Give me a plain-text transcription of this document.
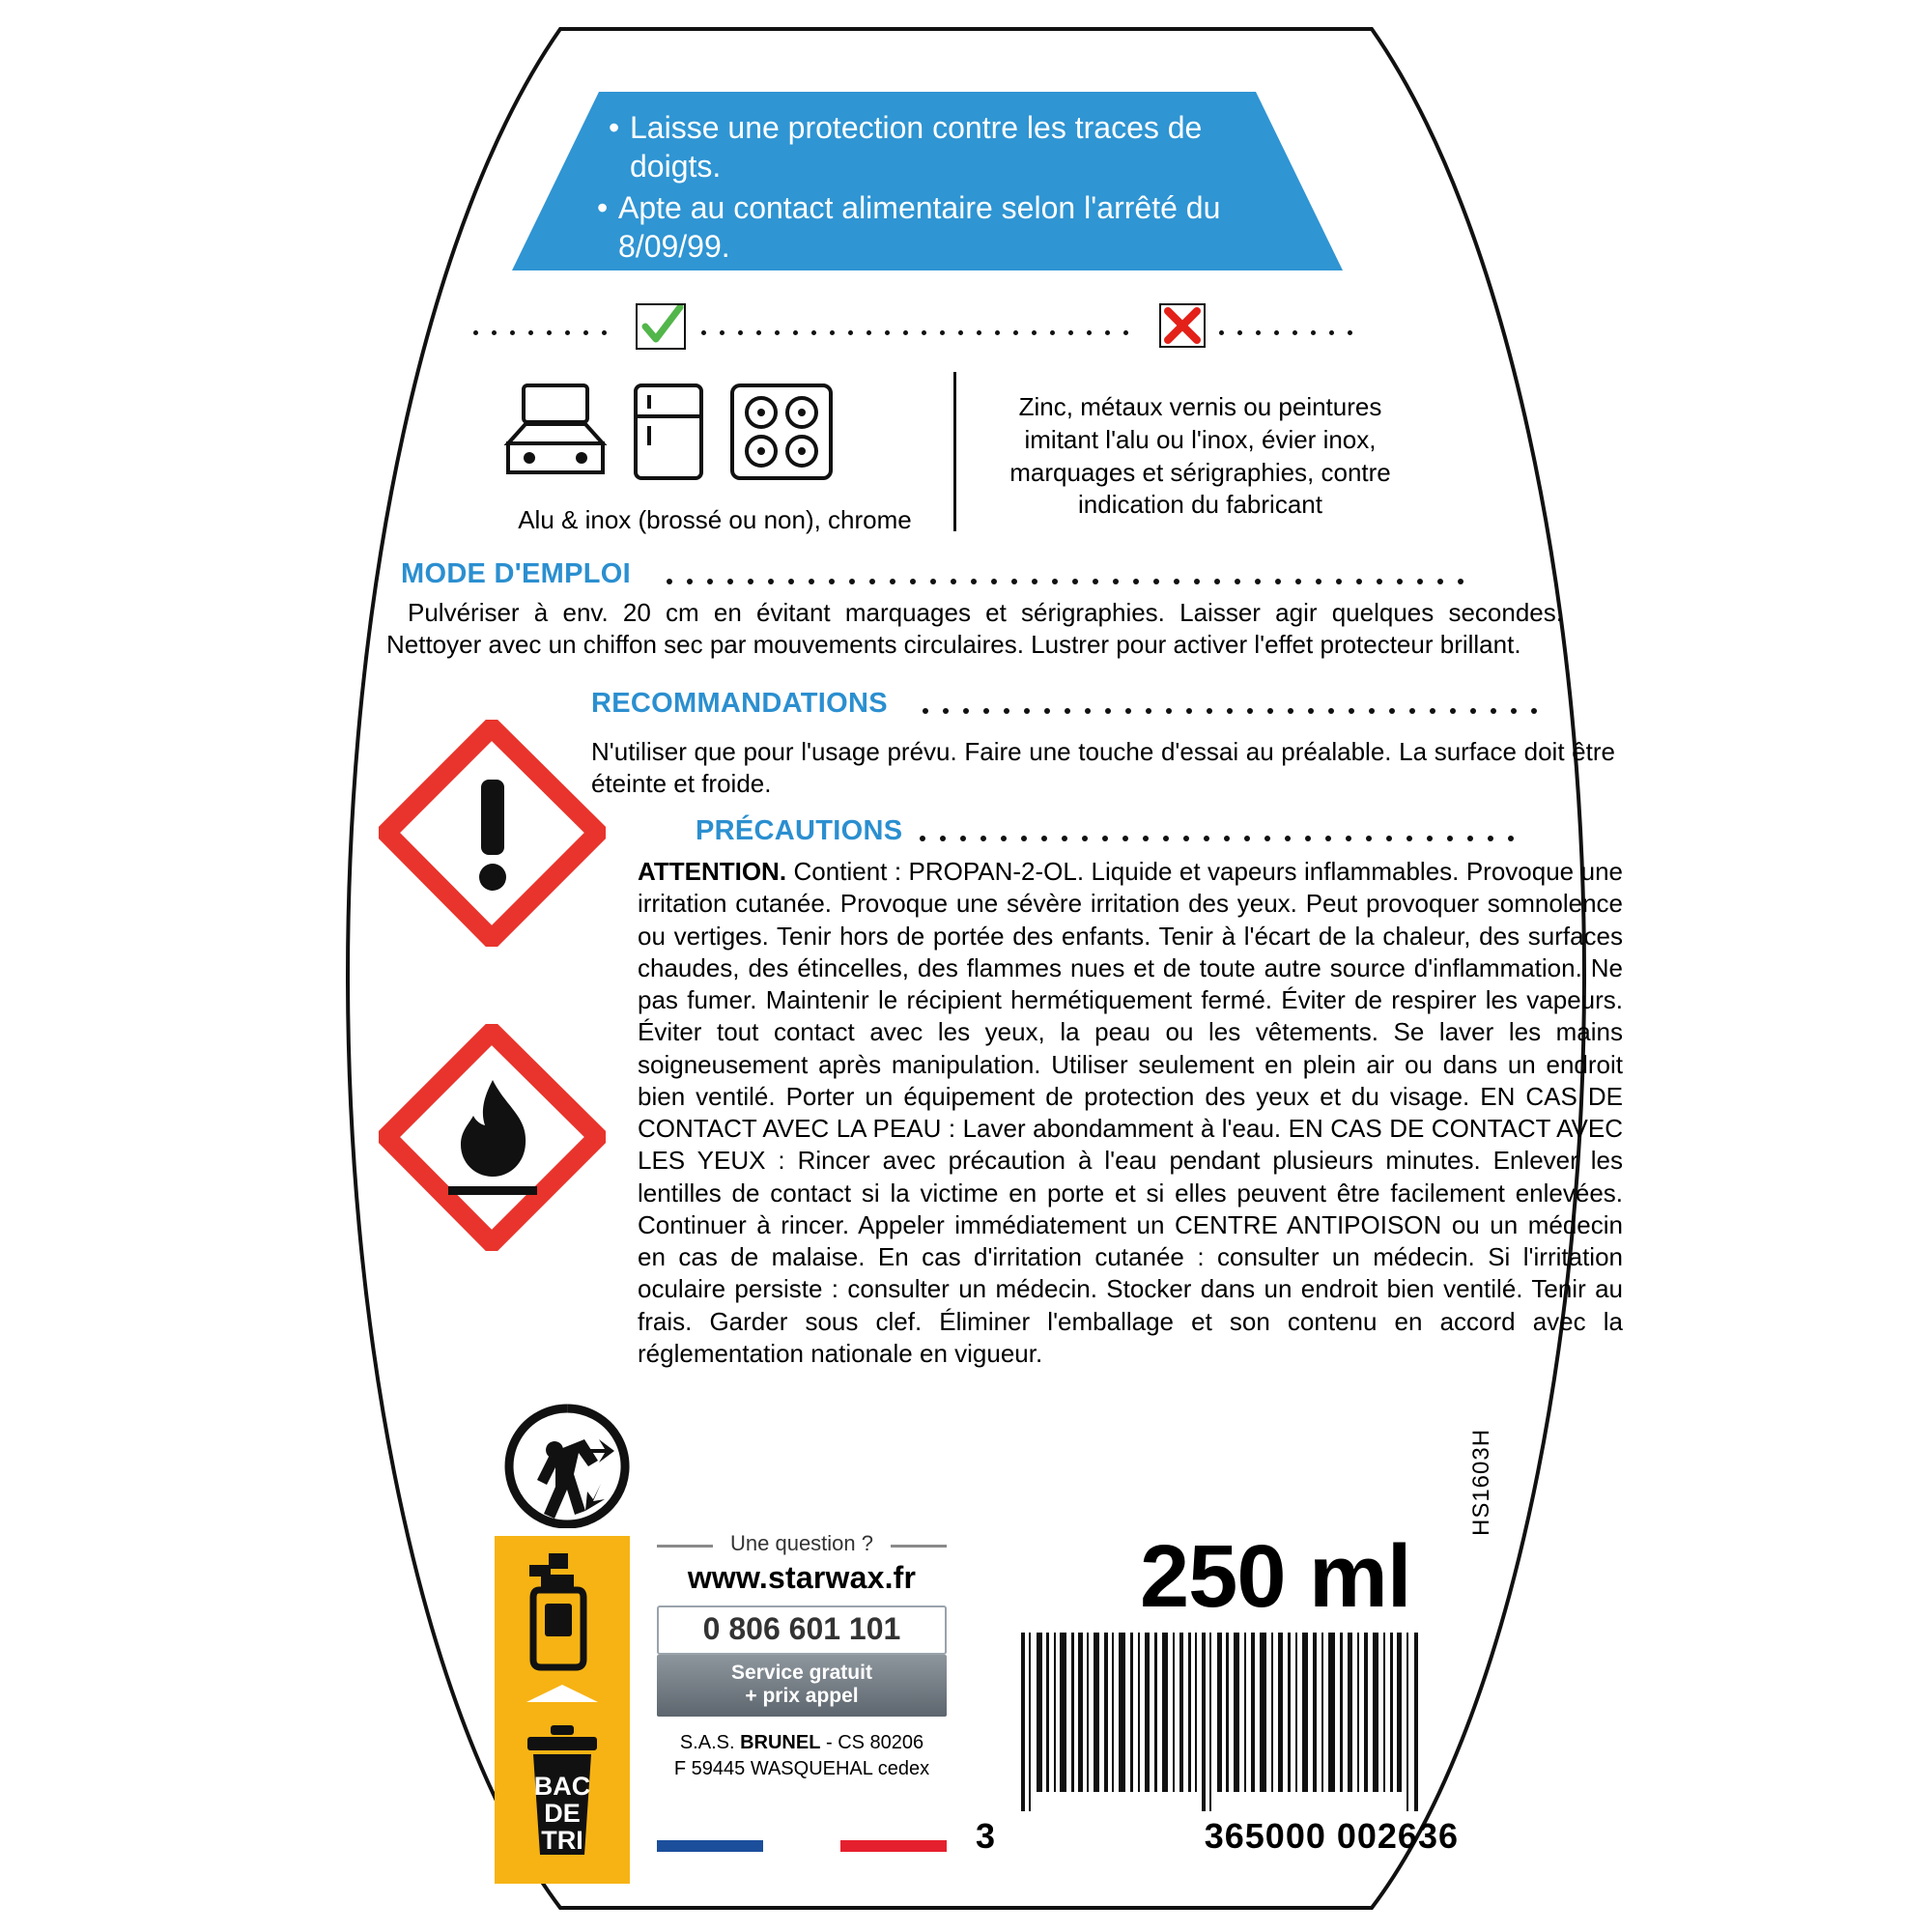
• Laisse une protection contre les traces de doigts.
• Apte au contact alimentaire selon l'arrêté du 8/09/99.
Alu & inox (brossé ou non), chrome
Zinc, métaux vernis ou peintures imitant l'alu ou l'inox, évier inox, marquages et sérigraphies, contre indication du fabricant
MODE D'EMPLOI
Pulvériser à env. 20 cm en évitant marquages et sérigraphies. Laisser agir quelques secondes. Nettoyer avec un chiffon sec par mouvements circulaires. Lustrer pour activer l'effet protecteur brillant.
RECOMMANDATIONS
N'utiliser que pour l'usage prévu. Faire une touche d'essai au préalable. La surface doit être éteinte et froide.
PRÉCAUTIONS
ATTENTION. Contient : PROPAN-2-OL. Liquide et vapeurs inflammables. Provoque une irritation cutanée. Provoque une sévère irritation des yeux. Peut provoquer somnolence ou vertiges. Tenir hors de portée des enfants. Tenir à l'écart de la chaleur, des surfaces chaudes, des étincelles, des flammes nues et de toute autre source d'inflammation. Ne pas fumer. Maintenir le récipient hermétiquement fermé. Éviter de respirer les vapeurs. Éviter tout contact avec les yeux, la peau ou les vêtements. Se laver les mains soigneusement après manipulation. Utiliser seulement en plein air ou dans un endroit bien ventilé. Porter un équipement de protection des yeux et du visage. EN CAS DE CONTACT AVEC LA PEAU : Laver abondamment à l'eau. EN CAS DE CONTACT AVEC LES YEUX : Rincer avec précaution à l'eau pendant plusieurs minutes. Enlever les lentilles de contact si la victime en porte et si elles peuvent être facilement enlevées. Continuer à rincer. Appeler immédiatement un CENTRE ANTIPOISON ou un médecin en cas de malaise. En cas d'irritation cutanée : consulter un médecin. Si l'irritation oculaire persiste : consulter un médecin. Stocker dans un endroit bien ventilé. Tenir au frais. Garder sous clef. Éliminer l'emballage et son contenu en accord avec la réglementation nationale en vigueur.
BAC
DE
TRI
Une question ?
www.starwax.fr
0 806 601 101
Service gratuit
+ prix appel
S.A.S. BRUNEL - CS 80206
F 59445 WASQUEHAL cedex
250 ml
3	365000 002636
HS1603H
